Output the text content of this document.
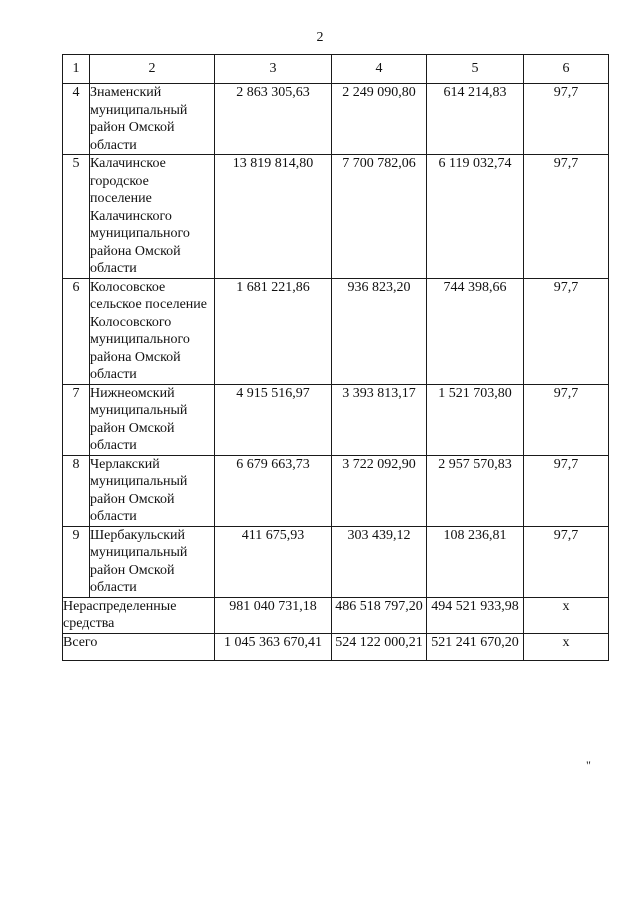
2
1	2	3	4	5	6
4	Знаменский муниципальный район Омской области	2 863 305,63	2 249 090,80	614 214,83	97,7
5	Калачинское городское поселение Калачинского муниципального района Омской области	13 819 814,80	7 700 782,06	6 119 032,74	97,7
6	Колосовское сельское поселение Колосовского муниципального района Омской области	1 681 221,86	936 823,20	744 398,66	97,7
7	Нижнеомский муниципальный район Омской области	4 915 516,97	3 393 813,17	1 521 703,80	97,7
8	Черлакский муниципальный район Омской области	6 679 663,73	3 722 092,90	2 957 570,83	97,7
9	Шербакульский муниципальный район Омской области	411 675,93	303 439,12	108 236,81	97,7
Нераспределенные средства		981 040 731,18	486 518 797,20	494 521 933,98	x
Всего		1 045 363 670,41	524 122 000,21	521 241 670,20	x
"
